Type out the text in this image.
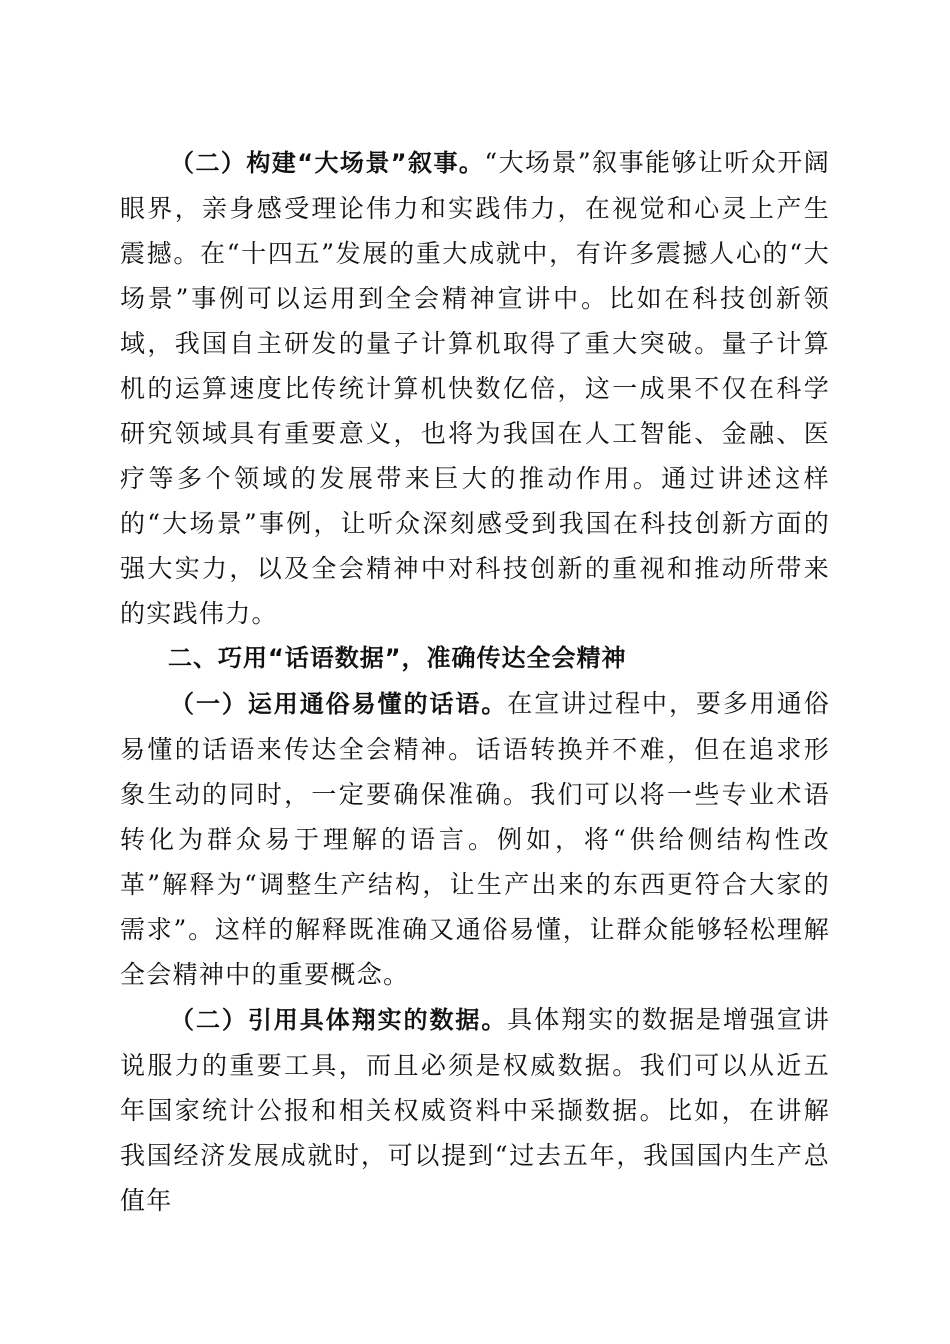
（二）构建“大场景”叙事。“大场景”叙事能够让听众开阔眼界，亲身感受理论伟力和实践伟力，在视觉和心灵上产生震撼。在“十四五”发展的重大成就中，有许多震撼人心的“大场景”事例可以运用到全会精神宣讲中。比如在科技创新领域，我国自主研发的量子计算机取得了重大突破。量子计算机的运算速度比传统计算机快数亿倍，这一成果不仅在科学研究领域具有重要意义，也将为我国在人工智能、金融、医疗等多个领域的发展带来巨大的推动作用。通过讲述这样的“大场景”事例，让听众深刻感受到我国在科技创新方面的强大实力，以及全会精神中对科技创新的重视和推动所带来的实践伟力。

二、巧用“话语数据”，准确传达全会精神

（一）运用通俗易懂的话语。在宣讲过程中，要多用通俗易懂的话语来传达全会精神。话语转换并不难，但在追求形象生动的同时，一定要确保准确。我们可以将一些专业术语转化为群众易于理解的语言。例如，将“供给侧结构性改革”解释为“调整生产结构，让生产出来的东西更符合大家的需求”。这样的解释既准确又通俗易懂，让群众能够轻松理解全会精神中的重要概念。

（二）引用具体翔实的数据。具体翔实的数据是增强宣讲说服力的重要工具，而且必须是权威数据。我们可以从近五年国家统计公报和相关权威资料中采撷数据。比如，在讲解我国经济发展成就时，可以提到“过去五年，我国国内生产总值年
